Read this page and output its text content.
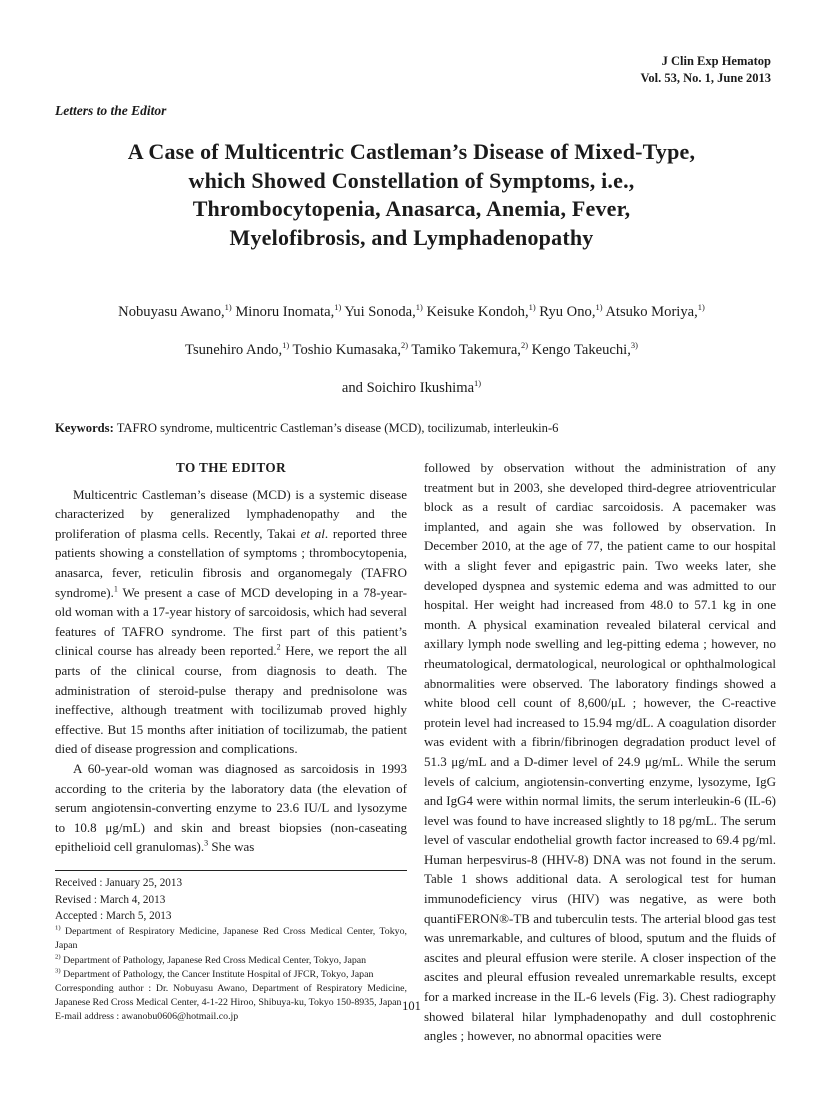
J Clin Exp Hematop
Vol. 53, No. 1, June 2013
Letters to the Editor
A Case of Multicentric Castleman’s Disease of Mixed-Type,
which Showed Constellation of Symptoms, i.e.,
Thrombocytopenia, Anasarca, Anemia, Fever,
Myelofibrosis, and Lymphadenopathy
Nobuyasu Awano,$^{1)}$ Minoru Inomata,$^{1)}$ Yui Sonoda,$^{1)}$ Keisuke Kondoh,$^{1)}$ Ryu Ono,$^{1)}$ Atsuko Moriya,$^{1)}$
Tsunehiro Ando,$^{1)}$ Toshio Kumasaka,$^{2)}$ Tamiko Takemura,$^{2)}$ Kengo Takeuchi,$^{3)}$
and Soichiro Ikushima$^{1)}$
Keywords: TAFRO syndrome, multicentric Castleman’s disease (MCD), tocilizumab, interleukin-6
TO THE EDITOR

Multicentric Castleman’s disease (MCD) is a systemic disease characterized by generalized lymphadenopathy and the proliferation of plasma cells. Recently, Takai et al. reported three patients showing a constellation of symptoms ; thrombocytopenia, anasarca, fever, reticulin fibrosis and organomegaly (TAFRO syndrome).$^1$ We present a case of MCD developing in a 78-year-old woman with a 17-year history of sarcoidosis, which had several features of TAFRO syndrome. The first part of this patient’s clinical course has already been reported.$^2$ Here, we report the all parts of the clinical course, from diagnosis to death. The administration of steroid-pulse therapy and prednisolone was ineffective, although treatment with tocilizumab proved highly effective. But 15 months after initiation of tocilizumab, the patient died of disease progression and complications.

A 60-year-old woman was diagnosed as sarcoidosis in 1993 according to the criteria by the laboratory data (the elevation of serum angiotensin-converting enzyme to 23.6 IU/L and lysozyme to 10.8 μg/mL) and skin and breast biopsies (non-caseating epithelioid cell granulomas).$^3$ She was

Received : January 25, 2013
Revised : March 4, 2013
Accepted : March 5, 2013
$^{1)}$ Department of Respiratory Medicine, Japanese Red Cross Medical Center, Tokyo, Japan
$^{2)}$ Department of Pathology, Japanese Red Cross Medical Center, Tokyo, Japan
$^{3)}$ Department of Pathology, the Cancer Institute Hospital of JFCR, Tokyo, Japan
Corresponding author : Dr. Nobuyasu Awano, Department of Respiratory Medicine, Japanese Red Cross Medical Center, 4-1-22 Hiroo, Shibuya-ku, Tokyo 150-8935, Japan
E-mail address : awanobu0606@hotmail.co.jp

followed by observation without the administration of any treatment but in 2003, she developed third-degree atrioventricular block as a result of cardiac sarcoidosis. A pacemaker was implanted, and again she was followed by observation. In December 2010, at the age of 77, the patient came to our hospital with a slight fever and epigastric pain. Two weeks later, she developed dyspnea and systemic edema and was admitted to our hospital. Her weight had increased from 48.0 to 57.1 kg in one month. A physical examination revealed bilateral cervical and axillary lymph node swelling and leg-pitting edema ; however, no rheumatological, dermatological, neurological or ophthalmological abnormalities were observed. The laboratory findings showed a white blood cell count of 8,600/μL ; however, the C-reactive protein level had increased to 15.94 mg/dL. A coagulation disorder was evident with a fibrin/fibrinogen degradation product level of 51.3 μg/mL and a D-dimer level of 24.9 μg/mL. While the serum levels of calcium, angiotensin-converting enzyme, lysozyme, IgG and IgG4 were within normal limits, the serum interleukin-6 (IL-6) level was found to have increased slightly to 18 pg/mL. The serum level of vascular endothelial growth factor increased to 69.4 pg/ml. Human herpesvirus-8 (HHV-8) DNA was not found in the serum. Table 1 shows additional data. A serological test for human immunodeficiency virus (HIV) was negative, as were both quantiFERON®-TB and tuberculin tests. The arterial blood gas test was unremarkable, and cultures of blood, sputum and the fluids of ascites and pleural effusion were sterile. A closer inspection of the ascites and pleural effusion revealed unremarkable results, except for a marked increase in the IL-6 levels (Fig. 3). Chest radiography showed bilateral hilar lymphadenopathy and dull costophrenic angles ; however, no abnormal opacities were

101
